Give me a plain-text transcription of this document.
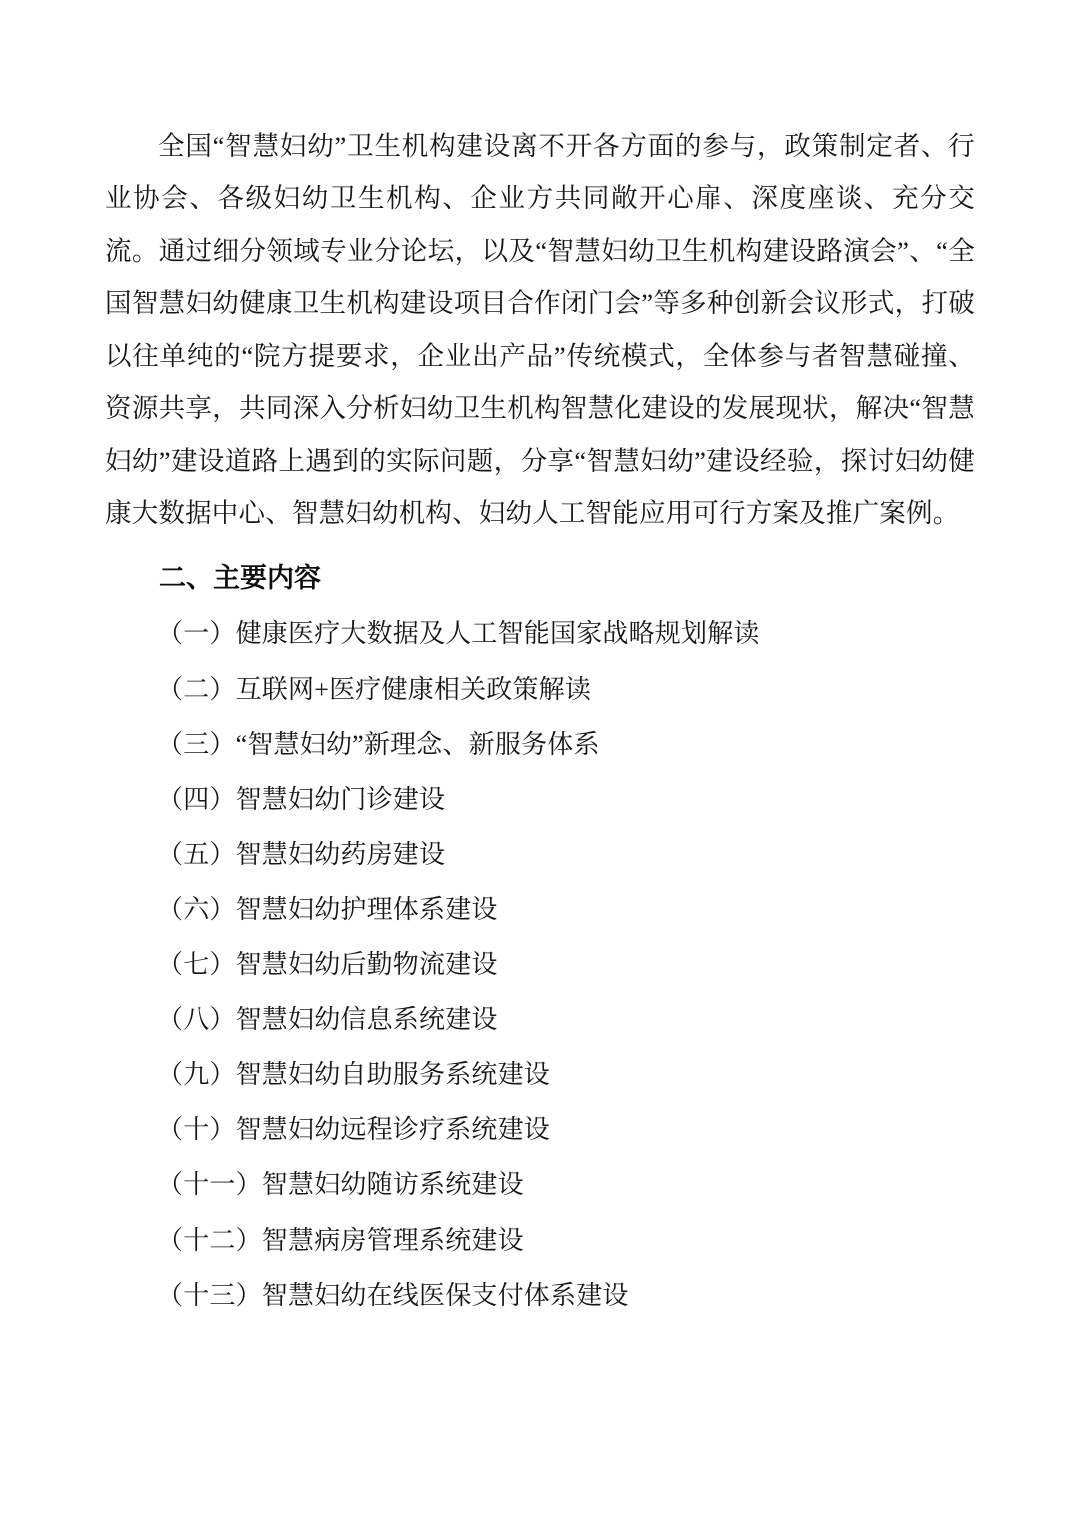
全国“智慧妇幼”卫生机构建设离不开各方面的参与，政策制定者、行业协会、各级妇幼卫生机构、企业方共同敞开心扉、深度座谈、充分交流。通过细分领域专业分论坛，以及“智慧妇幼卫生机构建设路演会”、“全国智慧妇幼健康卫生机构建设项目合作闭门会”等多种创新会议形式，打破以往单纯的“院方提要求，企业出产品”传统模式，全体参与者智慧碰撞、资源共享，共同深入分析妇幼卫生机构智慧化建设的发展现状，解决“智慧妇幼”建设道路上遇到的实际问题，分享“智慧妇幼”建设经验，探讨妇幼健康大数据中心、智慧妇幼机构、妇幼人工智能应用可行方案及推广案例。

二、主要内容

（一）健康医疗大数据及人工智能国家战略规划解读

（二）互联网+医疗健康相关政策解读

（三）“智慧妇幼”新理念、新服务体系

（四）智慧妇幼门诊建设

（五）智慧妇幼药房建设

（六）智慧妇幼护理体系建设

（七）智慧妇幼后勤物流建设

（八）智慧妇幼信息系统建设

（九）智慧妇幼自助服务系统建设

（十）智慧妇幼远程诊疗系统建设

（十一）智慧妇幼随访系统建设

（十二）智慧病房管理系统建设

（十三）智慧妇幼在线医保支付体系建设
